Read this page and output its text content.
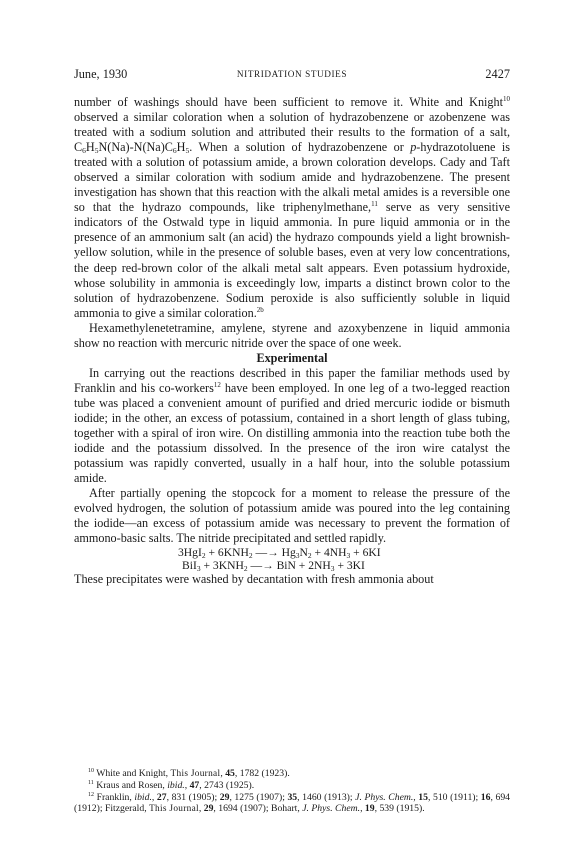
June, 1930	NITRIDATION STUDIES	2427

number of washings should have been sufficient to remove it. White and Knight$^{10}$ observed a similar coloration when a solution of hydrazobenzene or azobenzene was treated with a sodium solution and attributed their results to the formation of a salt, $C_6H_5N(Na)-N(Na)C_6H_5$. When a solution of hydrazobenzene or p-hydrazotoluene is treated with a solution of potassium amide, a brown coloration develops. Cady and Taft observed a similar coloration with sodium amide and hydrazobenzene. The present investigation has shown that this reaction with the alkali metal amides is a reversible one so that the hydrazo compounds, like triphenylmethane,$^{11}$ serve as very sensitive indicators of the Ostwald type in liquid ammonia. In pure liquid ammonia or in the presence of an ammonium salt (an acid) the hydrazo compounds yield a light brownish-yellow solution, while in the presence of soluble bases, even at very low concentrations, the deep red-brown color of the alkali metal salt appears. Even potassium hydroxide, whose solubility in ammonia is exceedingly low, imparts a distinct brown color to the solution of hydrazobenzene. Sodium peroxide is also sufficiently soluble in liquid ammonia to give a similar coloration.$^{2b}$

Hexamethylenetetramine, amylene, styrene and azoxybenzene in liquid ammonia show no reaction with mercuric nitride over the space of one week.

Experimental

In carrying out the reactions described in this paper the familiar methods used by Franklin and his co-workers$^{12}$ have been employed. In one leg of a two-legged reaction tube was placed a convenient amount of purified and dried mercuric iodide or bismuth iodide; in the other, an excess of potassium, contained in a short length of glass tubing, together with a spiral of iron wire. On distilling ammonia into the reaction tube both the iodide and the potassium dissolved. In the presence of the iron wire catalyst the potassium was rapidly converted, usually in a half hour, into the soluble potassium amide.

After partially opening the stopcock for a moment to release the pressure of the evolved hydrogen, the solution of potassium amide was poured into the leg containing the iodide—an excess of potassium amide was necessary to prevent the formation of ammono-basic salts. The nitride precipitated and settled rapidly.

$3HgI_2 + 6KNH_2$ —→ $Hg_3N_2 + 4NH_3 + 6KI$

$BiI_3 + 3KNH_2$ —→ BiN + $2NH_3 + 3KI$

These precipitates were washed by decantation with fresh ammonia about

$^{10}$ White and Knight, This Journal, 45, 1782 (1923).

$^{11}$ Kraus and Rosen, ibid., 47, 2743 (1925).

$^{12}$ Franklin, ibid., 27, 831 (1905); 29, 1275 (1907); 35, 1460 (1913); J. Phys. Chem., 15, 510 (1911); 16, 694 (1912); Fitzgerald, This Journal, 29, 1694 (1907); Bohart, J. Phys. Chem., 19, 539 (1915).
